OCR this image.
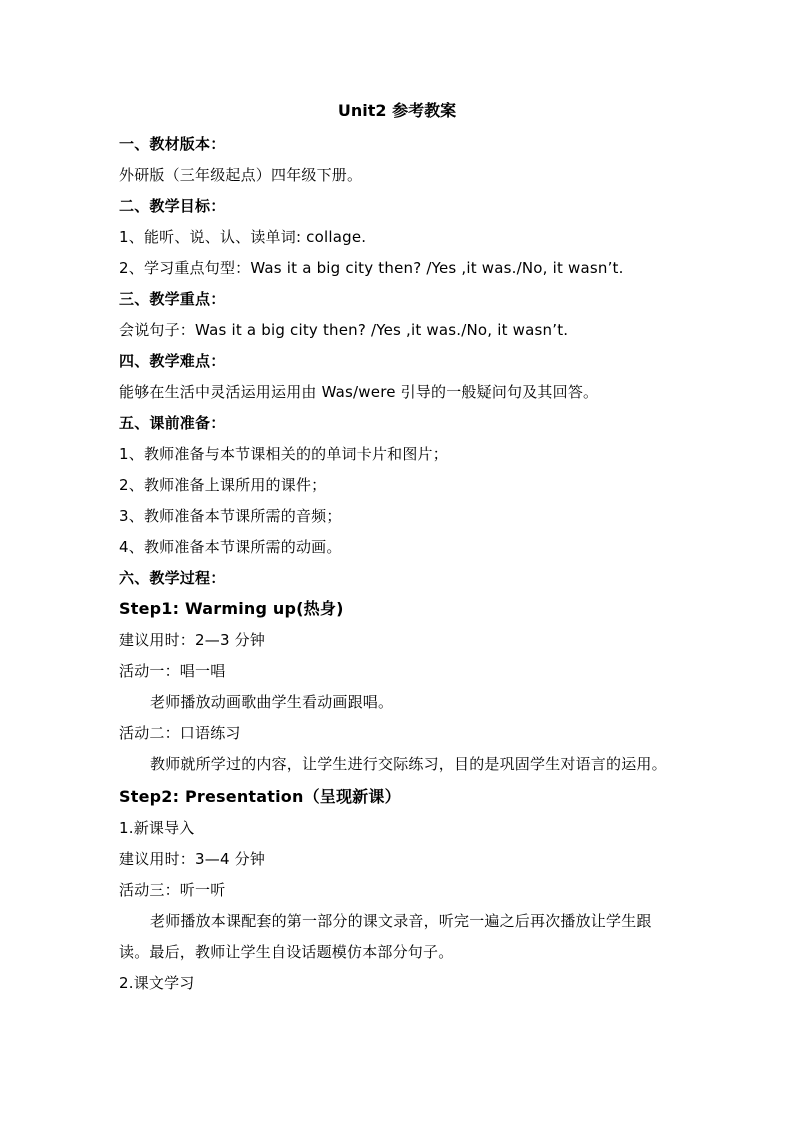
Unit2 参考教案
一、教材版本：
外研版（三年级起点）四年级下册。
二、教学目标：
1、能听、说、认、读单词: collage.
2、学习重点句型：Was it a big city then? /Yes ,it was./No, it wasn’t.
三、教学重点：
会说句子：Was it a big city then? /Yes ,it was./No, it wasn’t.
四、教学难点：
能够在生活中灵活运用运用由 Was/were 引导的一般疑问句及其回答。
五、课前准备：
1、教师准备与本节课相关的的单词卡片和图片；
2、教师准备上课所用的课件；
3、教师准备本节课所需的音频；
4、教师准备本节课所需的动画。
六、教学过程：
Step1: Warming up(热身)
建议用时：2—3 分钟
活动一：唱一唱
老师播放动画歌曲学生看动画跟唱。
活动二：口语练习
教师就所学过的内容，让学生进行交际练习，目的是巩固学生对语言的运用。
Step2: Presentation（呈现新课）
1.新课导入
建议用时：3—4 分钟
活动三：听一听
老师播放本课配套的第一部分的课文录音，听完一遍之后再次播放让学生跟
读。最后，教师让学生自设话题模仿本部分句子。
2.课文学习
